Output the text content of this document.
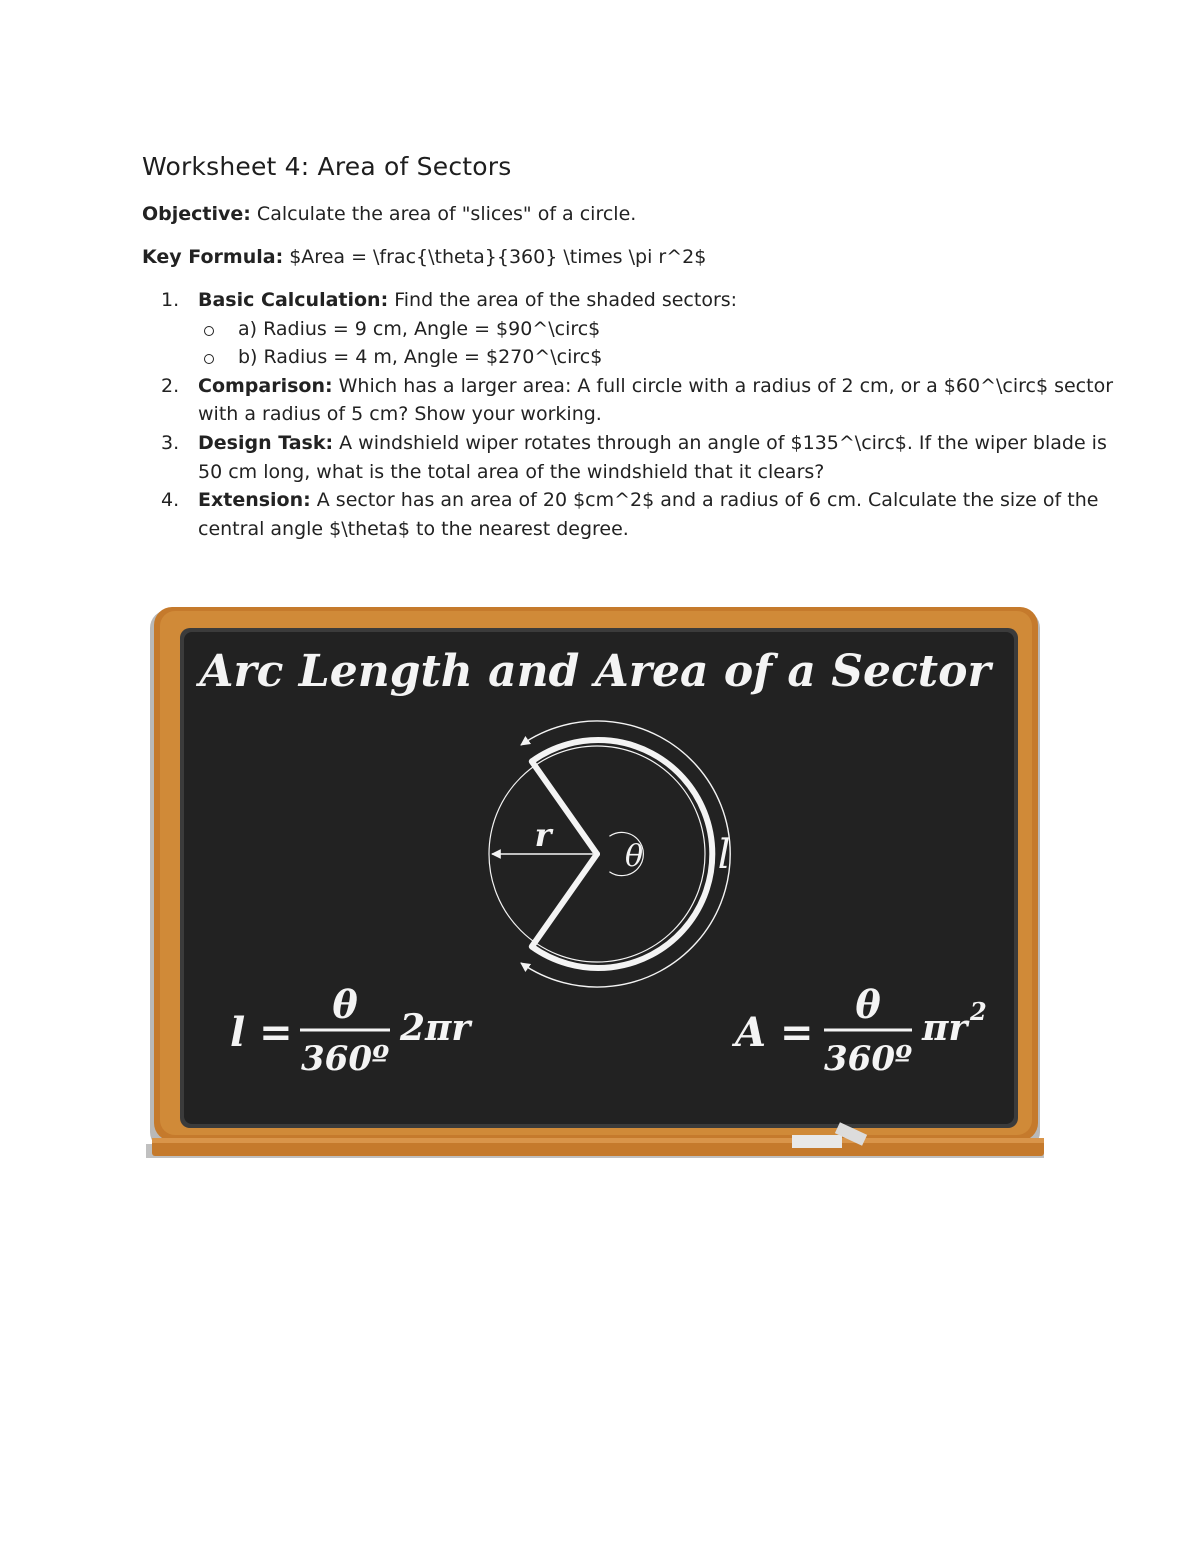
Worksheet 4: Area of Sectors

Objective: Calculate the area of "slices" of a circle.

Key Formula: $Area = \frac{\theta}{360} \times \pi r^2$

Basic Calculation: Find the area of the shaded sectors:
a) Radius = 9 cm, Angle = $90^\circ$
b) Radius = 4 m, Angle = $270^\circ$
Comparison: Which has a larger area: A full circle with a radius of 2 cm, or a $60^\circ$ sector with a radius of 5 cm? Show your working.
Design Task: A windshield wiper rotates through an angle of $135^\circ$. If the wiper blade is 50 cm long, what is the total area of the windshield that it clears?
Extension: A sector has an area of 20 $cm^2$ and a radius of 6 cm. Calculate the size of the central angle $\theta$ to the nearest degree.
Arc Length and Area of a Sector
r
θ l
l =
θ
360º
2πr	A =
θ
360º
πr 2
